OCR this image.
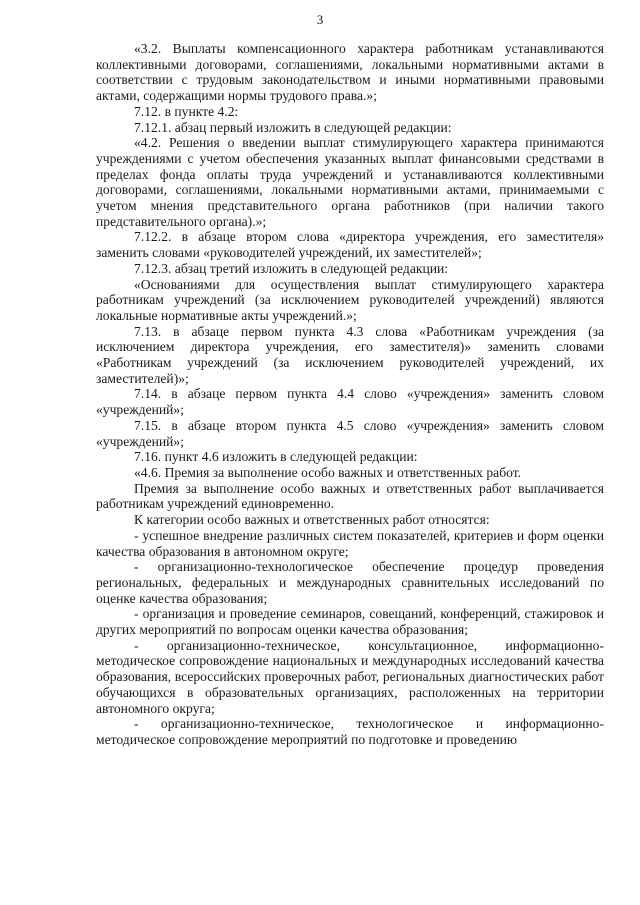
3

«3.2. Выплаты компенсационного характера работникам устанавливаются коллективными договорами, соглашениями, локальными нормативными актами в соответствии с трудовым законодательством и иными нормативными правовыми актами, содержащими нормы трудового права.»;

7.12. в пункте 4.2:

7.12.1. абзац первый изложить в следующей редакции:

«4.2. Решения о введении выплат стимулирующего характера принимаются учреждениями с учетом обеспечения указанных выплат финансовыми средствами в пределах фонда оплаты труда учреждений и устанавливаются коллективными договорами, соглашениями, локальными нормативными актами, принимаемыми с учетом мнения представительного органа работников (при наличии такого представительного органа).»;

7.12.2. в абзаце втором слова «директора учреждения, его заместителя» заменить словами «руководителей учреждений, их заместителей»;

7.12.3. абзац третий изложить в следующей редакции:

«Основаниями для осуществления выплат стимулирующего характера работникам учреждений (за исключением руководителей учреждений) являются локальные нормативные акты учреждений.»;

7.13. в абзаце первом пункта 4.3 слова «Работникам учреждения (за исключением директора учреждения, его заместителя)» заменить словами «Работникам учреждений (за исключением руководителей учреждений, их заместителей)»;

7.14. в абзаце первом пункта 4.4 слово «учреждения» заменить словом «учреждений»;

7.15. в абзаце втором пункта 4.5 слово «учреждения» заменить словом «учреждений»;

7.16. пункт 4.6 изложить в следующей редакции:

«4.6. Премия за выполнение особо важных и ответственных работ.

Премия за выполнение особо важных и ответственных работ выплачивается работникам учреждений единовременно.

К категории особо важных и ответственных работ относятся:

- успешное внедрение различных систем показателей, критериев и форм оценки качества образования в автономном округе;

- организационно-технологическое обеспечение процедур проведения региональных, федеральных и международных сравнительных исследований по оценке качества образования;

- организация и проведение семинаров, совещаний, конференций, стажировок и других мероприятий по вопросам оценки качества образования;

- организационно-техническое, консультационное, информационно-методическое сопровождение национальных и международных исследований качества образования, всероссийских проверочных работ, региональных диагностических работ обучающихся в образовательных организациях, расположенных на территории автономного округа;

- организационно-техническое, технологическое и информационно-методическое сопровождение мероприятий по подготовке и проведению
